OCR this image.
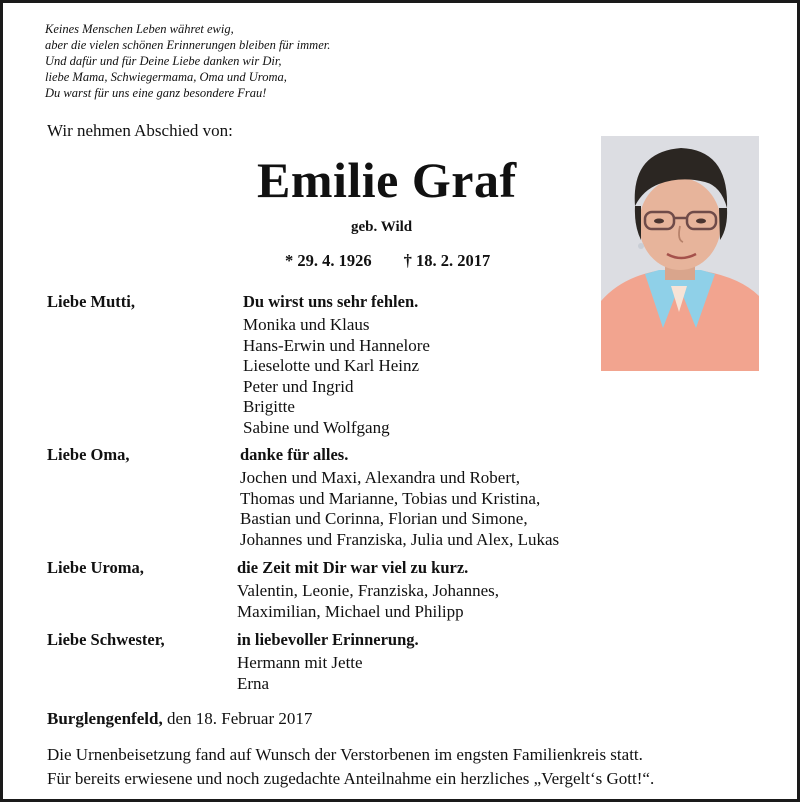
Keines Menschen Leben währet ewig,
aber die vielen schönen Erinnerungen bleiben für immer.
Und dafür und für Deine Liebe danken wir Dir,
liebe Mama, Schwiegermama, Oma und Uroma,
Du warst für uns eine ganz besondere Frau!
Wir nehmen Abschied von:
Emilie Graf
geb. Wild
* 29. 4. 1926 † 18. 2. 2017
Liebe Mutti,	Du wirst uns sehr fehlen.
Monika und Klaus
Hans-Erwin und Hannelore
Lieselotte und Karl Heinz
Peter und Ingrid
Brigitte
Sabine und Wolfgang
Liebe Oma,	danke für alles.
Jochen und Maxi, Alexandra und Robert,
Thomas und Marianne, Tobias und Kristina,
Bastian und Corinna, Florian und Simone,
Johannes und Franziska, Julia und Alex, Lukas
Liebe Uroma,	die Zeit mit Dir war viel zu kurz.
Valentin, Leonie, Franziska, Johannes,
Maximilian, Michael und Philipp
Liebe Schwester,	in liebevoller Erinnerung.
Hermann mit Jette
Erna
Burglengenfeld, den 18. Februar 2017
Die Urnenbeisetzung fand auf Wunsch der Verstorbenen im engsten Familienkreis statt.
Für bereits erwiesene und noch zugedachte Anteilnahme ein herzliches „Vergelt‘s Gott!“.
